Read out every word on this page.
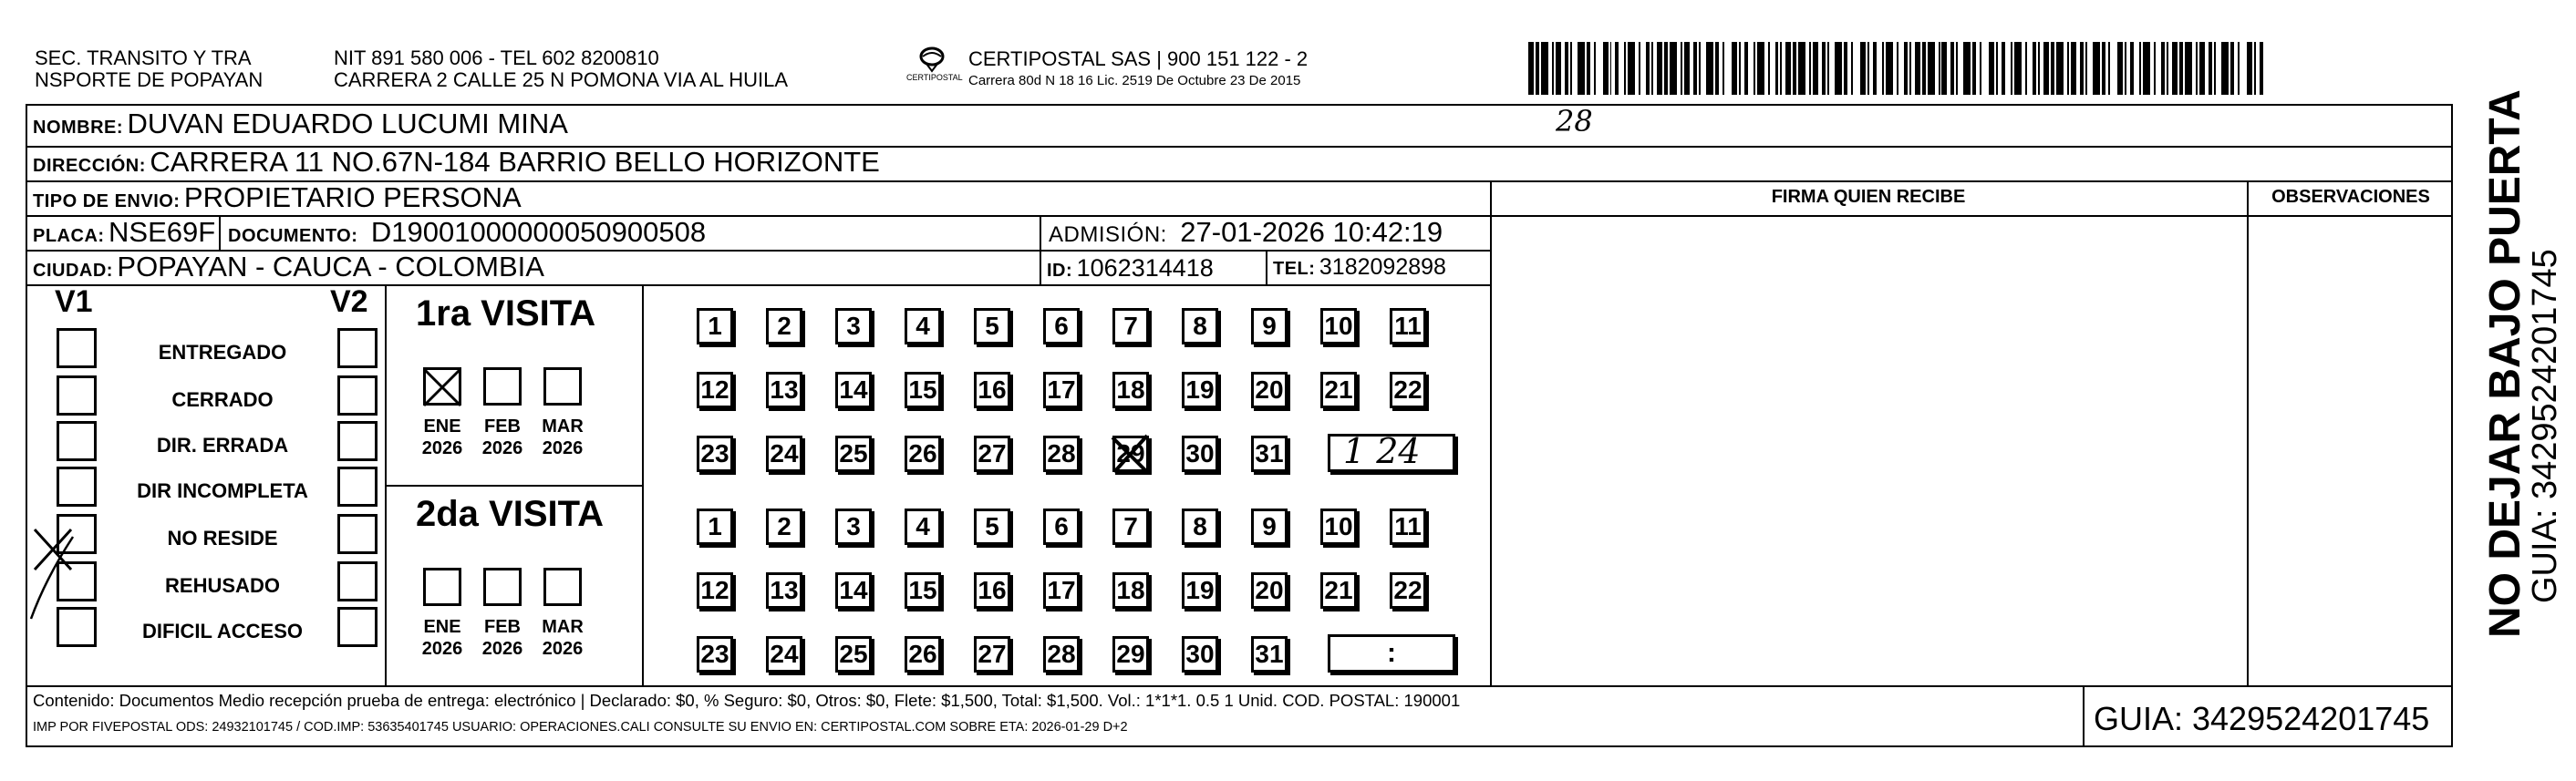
SEC. TRANSITO Y TRA
NSPORTE DE POPAYAN
NIT 891 580 006 - TEL 602 8200810
CARRERA 2 CALLE 25 N POMONA VIA AL HUILA	CERTIPOSTAL
CERTIPOSTAL SAS | 900 151 122 - 2
Carrera 80d N 18 16 Lic. 2519 De Octubre 23 De 2015
NOMBRE: DUVAN EDUARDO LUCUMI MINA	28
DIRECCIÓN: CARRERA 11 NO.67N-184 BARRIO BELLO HORIZONTE
TIPO DE ENVIO: PROPIETARIO PERSONA
PLACA: NSE69F DOCUMENTO: D19001000000050900508	ADMISIÓN: 27-01-2026 10:42:19
CIUDAD: POPAYAN - CAUCA - COLOMBIA	ID: 1062314418	TEL: 3182092898
FIRMA QUIEN RECIBE	OBSERVACIONES
V1	V2
ENTREGADO
CERRADO
DIR. ERRADA
DIR INCOMPLETA
NO RESIDE
REHUSADO
DIFICIL ACCESO
1ra VISITA
ENE
2026
FEB
2026
MAR
2026
1	2	3	4	5	6	7	8	9	10 11
12 13 14 15 16 17 18 19 20 21 22
23 24 25 26 27 28 29 30 31 1 24
2da VISITA
ENE
2026
FEB
2026
MAR
2026
1	2	3	4	5	6	7	8	9	10 11
12 13 14 15 16 17 18 19 20 21 22
23 24 25 26 27 28 29 30 31	:
Contenido: Documentos Medio recepción prueba de entrega: electrónico | Declarado: $0, % Seguro: $0, Otros: $0, Flete: $1,500, Total: $1,500. Vol.: 1*1*1. 0.5 1 Unid. COD. POSTAL: 190001
IMP POR FIVEPOSTAL ODS: 24932101745 / COD.IMP: 53635401745 USUARIO: OPERACIONES.CALI CONSULTE SU ENVIO EN: CERTIPOSTAL.COM SOBRE ETA: 2026-01-29 D+2	GUIA: 3429524201745
NO DEJAR BAJO PUERTA
GUIA: 3429524201745
